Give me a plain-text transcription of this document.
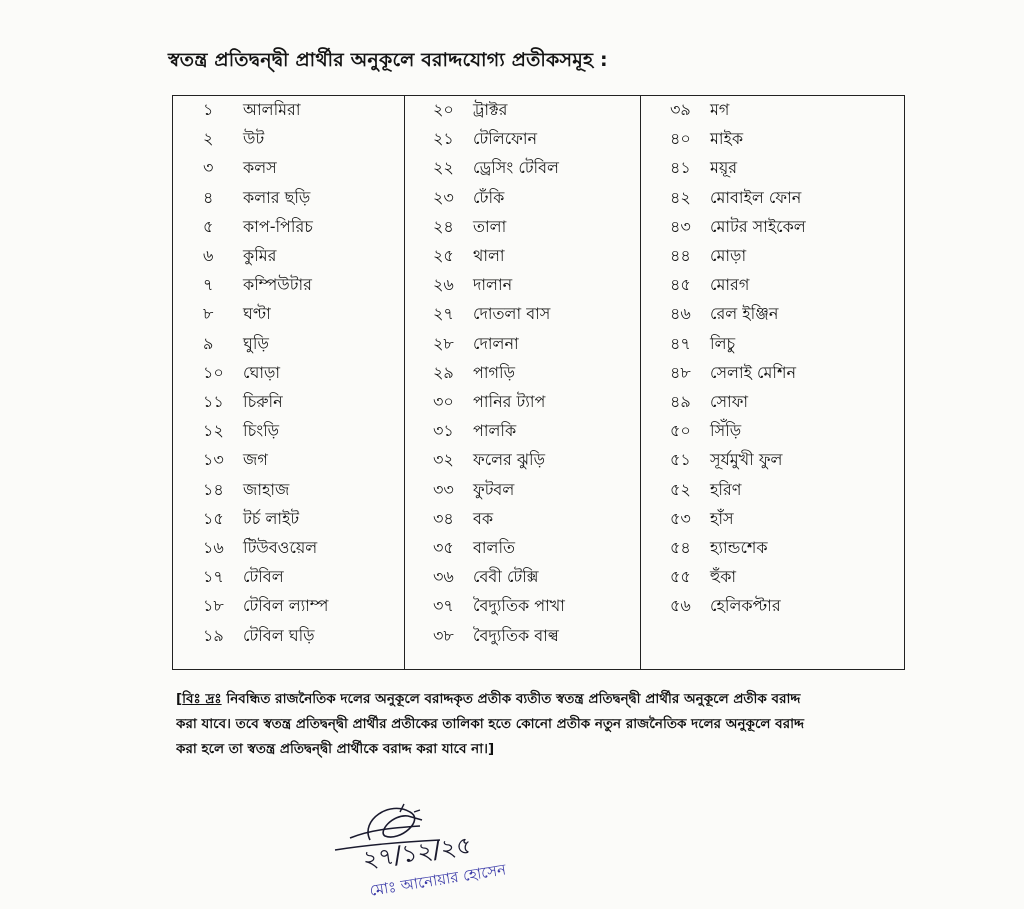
স্বতন্ত্র প্রতিদ্বন্দ্বী প্রার্থীর অনুকূলে বরাদ্দযোগ্য প্রতীকসমূহ :
১ আলমিরা
২ উট
৩ কলস
৪ কলার ছড়ি
৫ কাপ-পিরিচ
৬ কুমির
৭ কম্পিউটার
৮ ঘণ্টা
৯ ঘুড়ি
১০ ঘোড়া
১১ চিরুনি
১২ চিংড়ি
১৩ জগ
১৪ জাহাজ
১৫ টর্চ লাইট
১৬ টিউবওয়েল
১৭ টেবিল
১৮ টেবিল ল্যাম্প
১৯ টেবিল ঘড়ি
২০ ট্রাক্টর
২১ টেলিফোন
২২ ড্রেসিং টেবিল
২৩ ঢেঁকি
২৪ তালা
২৫ থালা
২৬ দালান
২৭ দোতলা বাস
২৮ দোলনা
২৯ পাগড়ি
৩০ পানির ট্যাপ
৩১ পালকি
৩২ ফলের ঝুড়ি
৩৩ ফুটবল
৩৪ বক
৩৫ বালতি
৩৬ বেবী টেক্সি
৩৭ বৈদ্যুতিক পাখা
৩৮ বৈদ্যুতিক বাল্ব
৩৯ মগ
৪০ মাইক
৪১ ময়ূর
৪২ মোবাইল ফোন
৪৩ মোটর সাইকেল
৪৪ মোড়া
৪৫ মোরগ
৪৬ রেল ইঞ্জিন
৪৭ লিচু
৪৮ সেলাই মেশিন
৪৯ সোফা
৫০ সিঁড়ি
৫১ সূর্যমুখী ফুল
৫২ হরিণ
৫৩ হাঁস
৫৪ হ্যান্ডশেক
৫৫ হুঁকা
৫৬ হেলিকপ্টার
[বিঃ দ্রঃ নিবন্ধিত রাজনৈতিক দলের অনুকূলে বরাদ্দকৃত প্রতীক ব্যতীত স্বতন্ত্র প্রতিদ্বন্দ্বী প্রার্থীর অনুকূলে প্রতীক বরাদ্দ
করা যাবে। তবে স্বতন্ত্র প্রতিদ্বন্দ্বী প্রার্থীর প্রতীকের তালিকা হতে কোনো প্রতীক নতুন রাজনৈতিক দলের অনুকূলে বরাদ্দ
করা হলে তা স্বতন্ত্র প্রতিদ্বন্দ্বী প্রার্থীকে বরাদ্দ করা যাবে না।]
২৭/১২/২৫
মোঃ আনোয়ার হোসেন
